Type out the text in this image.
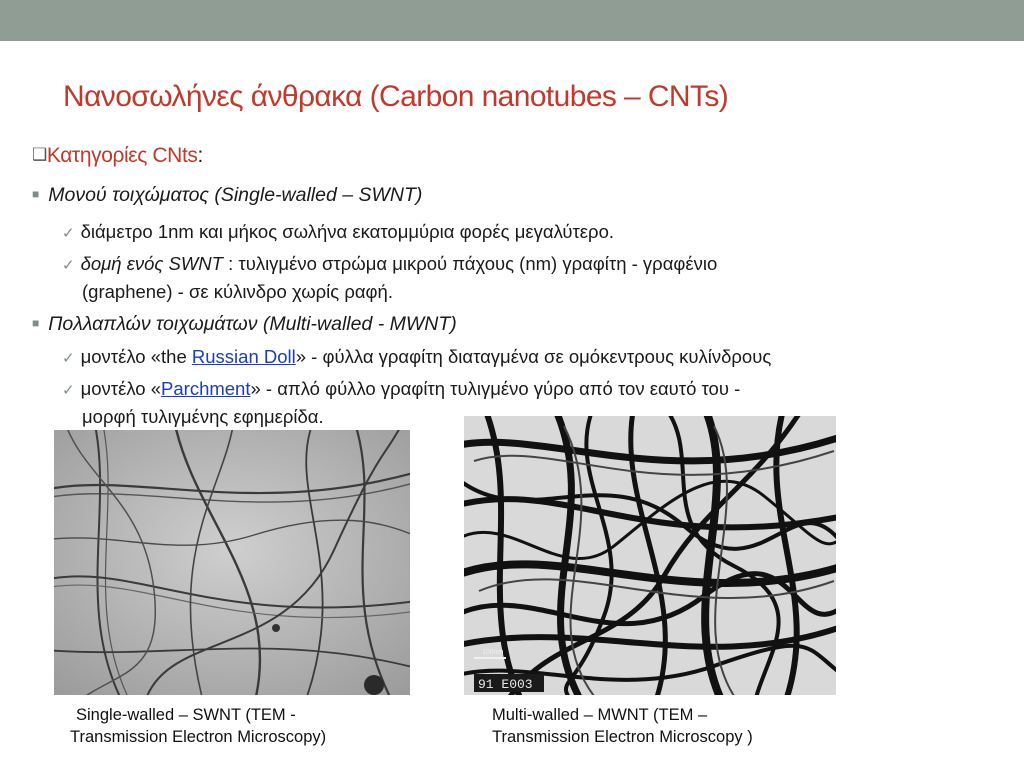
Νανοσωλήνες άνθρακα (Carbon nanotubes – CNTs)
❑Κατηγορίες CNts:
■ Μονού τοιχώματος (Single-walled – SWNT)
✓ διάμετρο 1nm και μήκος σωλήνα εκατομμύρια φορές μεγαλύτερο.
✓ δομή ενός SWNT : τυλιγμένο στρώμα μικρού πάχους (nm) γραφίτη - γραφένιο
(graphene) - σε κύλινδρο χωρίς ραφή.
■ Πολλαπλών τοιχωμάτων (Multi-walled - MWNT)
✓ μοντέλο «the Russian Doll» - φύλλα γραφίτη διαταγμένα σε ομόκεντρους κυλίνδρους
✓ μοντέλο «Parchment» - απλό φύλλο γραφίτη τυλιγμένο γύρο από τον εαυτό του -
μορφή τυλιγμένης εφημερίδα.
91 E003
100nm
Single-walled – SWNT (TEM -
Transmission Electron Microscopy)
Multi-walled – MWNT (TEM –
Transmission Electron Microscopy )
